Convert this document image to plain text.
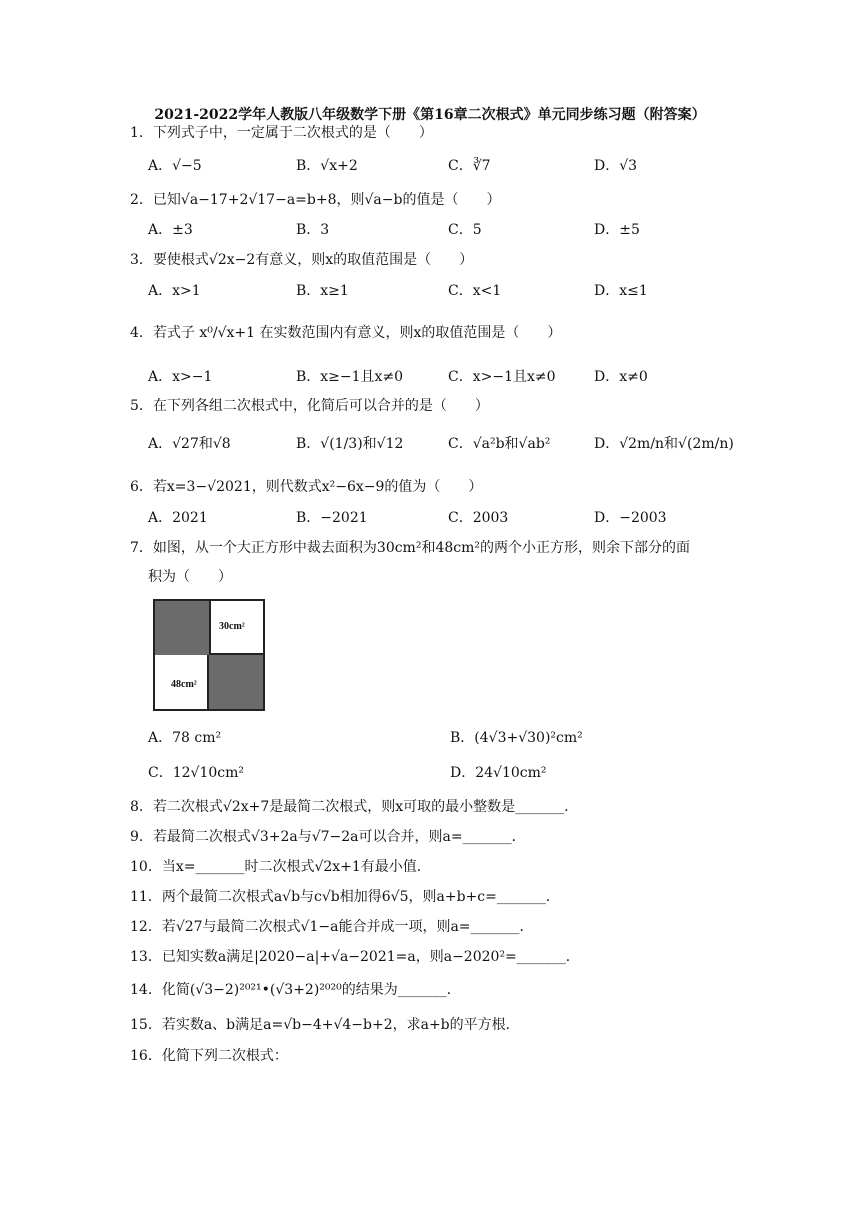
2021-2022学年人教版八年级数学下册《第16章二次根式》单元同步练习题（附答案）
1．下列式子中，一定属于二次根式的是（　　）
A．√−5	B．√x+2	C．∛7	D．√3
2．已知√a−17+2√17−a=b+8，则√a−b的值是（　　）
A．±3	B．3	C．5	D．±5
3．要使根式√2x−2有意义，则x的取值范围是（　　）
A．x>1	B．x≥1	C．x<1	D．x≤1
4．若式子 x⁰/√x+1 在实数范围内有意义，则x的取值范围是（　　）
A．x>−1	B．x≥−1且x≠0	C．x>−1且x≠0	D．x≠0
5．在下列各组二次根式中，化简后可以合并的是（　　）
A．√27和√8	B．√(1/3)和√12	C．√a²b和√ab²	D．√2m/n和√(2m/n)
6．若x=3−√2021，则代数式x²−6x−9的值为（　　）
A．2021	B．−2021	C．2003	D．−2003
7．如图，从一个大正方形中裁去面积为30cm²和48cm²的两个小正方形，则余下部分的面
积为（　　）
30cm²
48cm²
A．78 cm²	B．(4√3+√30)²cm²
C．12√10cm²	D．24√10cm²
8．若二次根式√2x+7是最简二次根式，则x可取的最小整数是_______．
9．若最简二次根式√3+2a与√7−2a可以合并，则a=_______．
10．当x=_______时二次根式√2x+1有最小值．
11．两个最简二次根式a√b与c√b相加得6√5，则a+b+c=_______．
12．若√27与最简二次根式√1−a能合并成一项，则a=_______．
13．已知实数a满足|2020−a|+√a−2021=a，则a−2020²=_______．
14．化简(√3−2)²⁰²¹•(√3+2)²⁰²⁰的结果为_______．
15．若实数a、b满足a=√b−4+√4−b+2，求a+b的平方根．
16．化简下列二次根式：
